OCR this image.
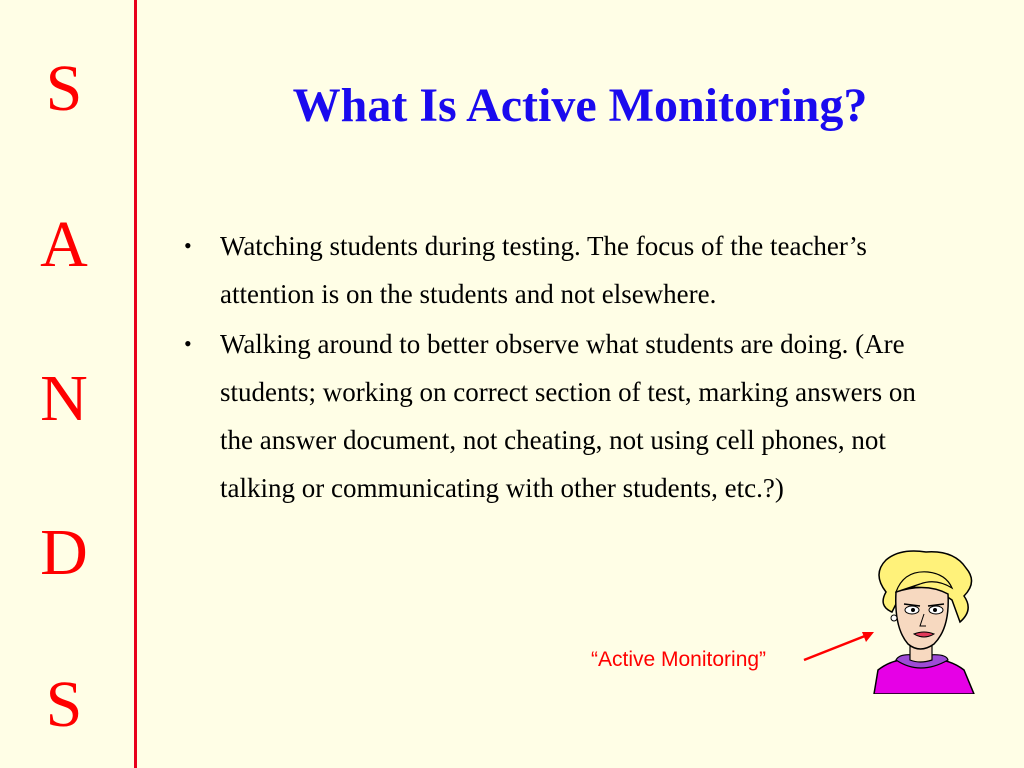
S
A
N
D
S
What Is Active Monitoring?
• Watching students during testing. The focus of the teacher’s attention is on the students and not elsewhere.
• Walking around to better observe what students are doing. (Are students; working on correct section of test, marking answers on the answer document, not cheating, not using cell phones, not talking or communicating with other students, etc.?)
“Active Monitoring”
